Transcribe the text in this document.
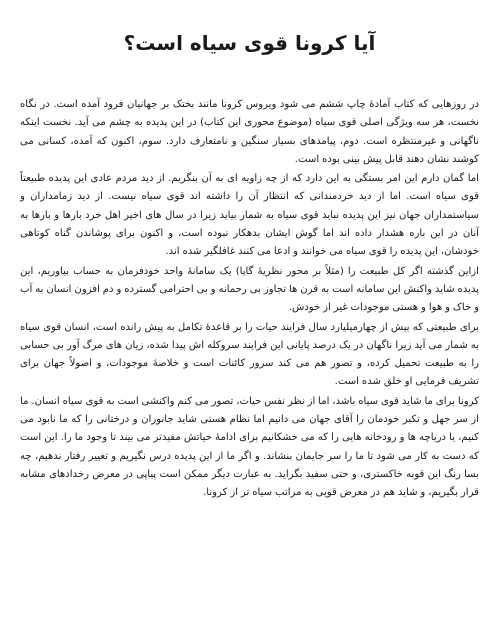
آیا کرونا قوی سیاه است؟

در روزهایی که کتاب آمادهٔ چاپ ششم می شود ویروس کرونا مانند بختک بر جهانیان فرود آمده است. در نگاه نخست، هر سه ویژگی اصلی قوی سیاه (موضوع محوری این کتاب) در این پدیده به چشم می آید. نخست اینکه ناگهانی و غیرمنتظره است. دوم، پیامدهای بسیار سنگین و نامتعارف دارد. سوم، اکنون که آمده، کسانی می کوشند نشان دهند قابل پیش بینی بوده است.

اما گمان دارم این امر بستگی به این دارد که از چه زاویه ای به آن بنگریم. از دید مردم عادی این پدیده طبیعتاً قوی سیاه است. اما از دید خردمندانی که انتظار آن را داشته اند قوی سیاه نیست. از دید زمامداران و سیاستمداران جهان نیز این پدیده نباید قوی سیاه به شمار بیاید زیرا در سال های اخیر اهل خرد بارها و بارها به آنان در این باره هشدار داده اند اما گوش ایشان بدهکار نبوده است، و اکنون برای پوشاندن گناه کوتاهی خودشان، این پدیده را قوی سیاه می خوانند و ادعا می کنند غافلگیر شده اند.

ازاین گذشته اگر کل طبیعت را (مثلاً بر محور نظریهٔ گایا) یک سامانهٔ واحد خودفرمان به حساب بیاوریم، این پدیده شاید واکنش این سامانه است به قرن ها تجاوز بی رحمانه و بی احترامی گسترده و دم افزون انسان به آب و خاک و هوا و هستی موجودات غیر از خودش.

برای طبیعتی که بیش از چهارمیلیارد سال فرایند حیات را بر قاعدهٔ تکامل به پیش رانده است، انسان قوی سیاه به شمار می آید زیرا ناگهان در یک درصد پایانی این فرایند سروکله اش پیدا شده، زیان های مرگ آور بی حسابی را به طبیعت تحمیل کرده، و تصور هم می کند سرور کائنات است و خلاصهٔ موجودات، و اصولاً جهان برای تشریف فرمایی او خلق شده است.

کرونا برای ما شاید قوی سیاه باشد، اما از نظر نفس حیات، تصور می کنم واکنشی است به قوی سیاه انسان. ما از سر جهل و تکبر خودمان را آقای جهان می دانیم اما نظام هستی شاید جانوران و درختانی را که ما نابود می کنیم، یا دریاچه ها و رودخانه هایی را که می خشکانیم برای ادامهٔ حیاتش مفیدتر می بیند تا وجود ما را. این است که دست به کار می شود تا ما را سر جایمان بنشاند. و اگر ما از این پدیده درس نگیریم و تغییر رفتار ندهیم، چه بسا رنگ این قوبه خاکستری، و حتی سفید بگراید. به عبارت دیگر ممکن است پیاپی در معرض رخدادهای مشابه قرار بگیریم، و شاید هم در معرض قویی به مراتب سیاه تر از کرونا.
